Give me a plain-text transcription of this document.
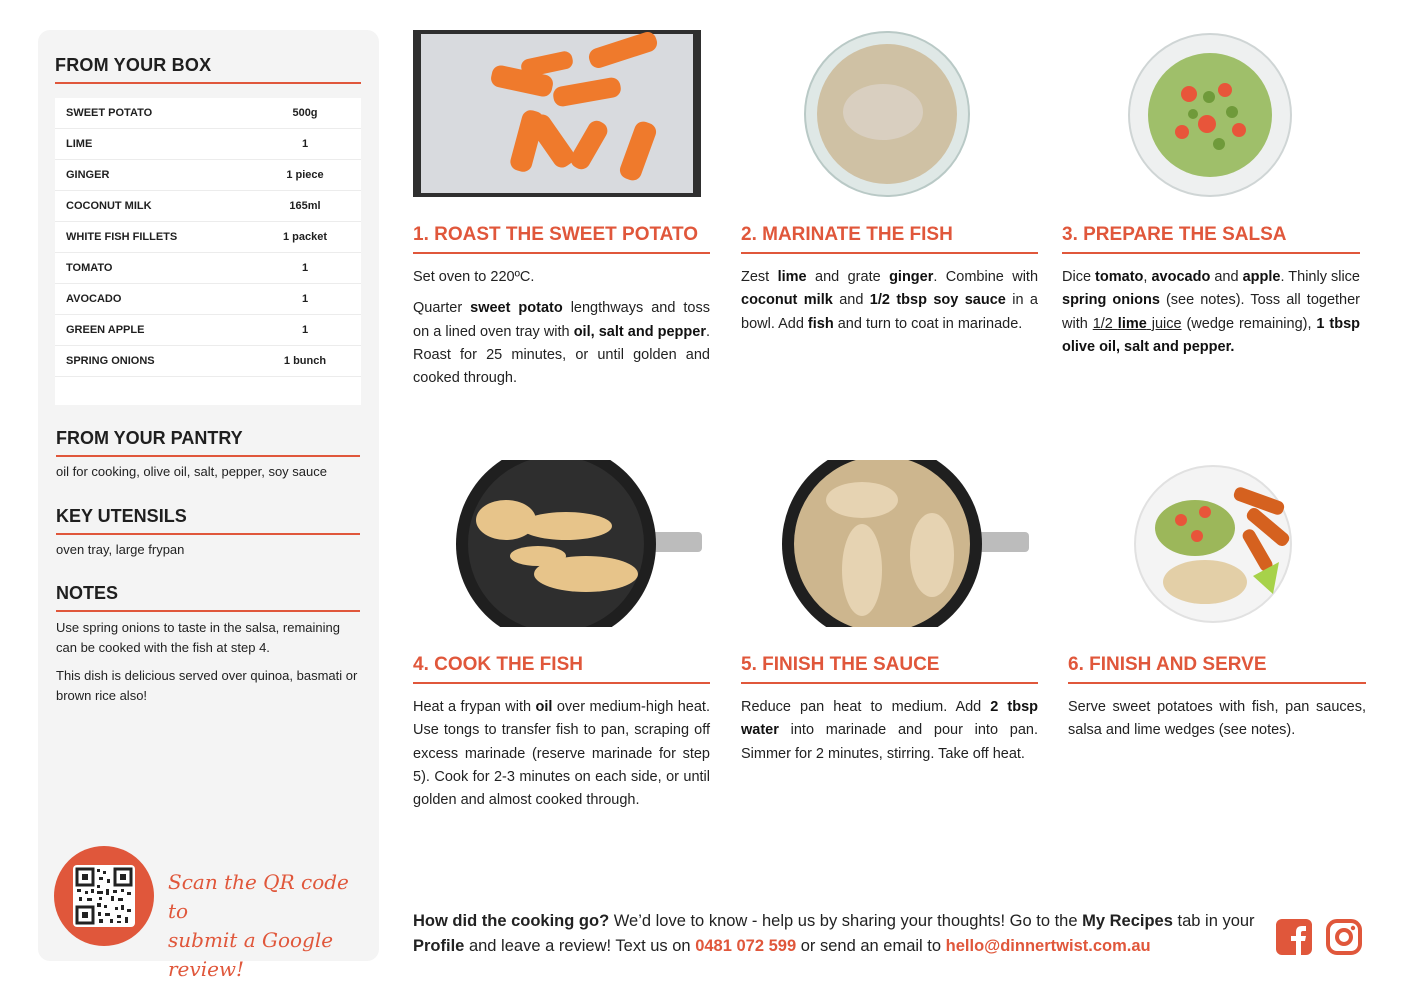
FROM YOUR BOX
SWEET POTATO	500g
LIME	1
GINGER	1 piece
COCONUT MILK	165ml
WHITE FISH FILLETS	1 packet
TOMATO	1
AVOCADO	1
GREEN APPLE	1
SPRING ONIONS	1 bunch
FROM YOUR PANTRY
oil for cooking, olive oil, salt, pepper, soy sauce
KEY UTENSILS
oven tray, large frypan
NOTES

Use spring onions to taste in the salsa, remaining can be cooked with the fish at step 4.

This dish is delicious served over quinoa, basmati or brown rice also!

Scan the QR code to
submit a Google review!
1. ROAST THE SWEET POTATO	2. MARINATE THE FISH	3. PREPARE THE SALSA
4. COOK THE FISH	5. FINISH THE SAUCE	6. FINISH AND SERVE

Set oven to 220ºC.

Quarter sweet potato lengthways and toss on a lined oven tray with oil, salt and pepper. Roast for 25 minutes, or until golden and cooked through.

Zest lime and grate ginger. Combine with coconut milk and 1/2 tbsp soy sauce in a bowl. Add fish and turn to coat in marinade.

Dice tomato, avocado and apple. Thinly slice spring onions (see notes). Toss all together with 1/2 lime juice (wedge remaining), 1 tbsp olive oil, salt and pepper.

Heat a frypan with oil over medium-high heat. Use tongs to transfer fish to pan, scraping off excess marinade (reserve marinade for step 5). Cook for 2-3 minutes on each side, or until golden and almost cooked through.

Reduce pan heat to medium. Add 2 tbsp water into marinade and pour into pan. Simmer for 2 minutes, stirring. Take off heat.

Serve sweet potatoes with fish, pan sauces, salsa and lime wedges (see notes).

How did the cooking go? We’d love to know - help us by sharing your thoughts! Go to the My Recipes tab in your Profile and leave a review! Text us on 0481 072 599 or send an email to hello@dinnertwist.com.au
